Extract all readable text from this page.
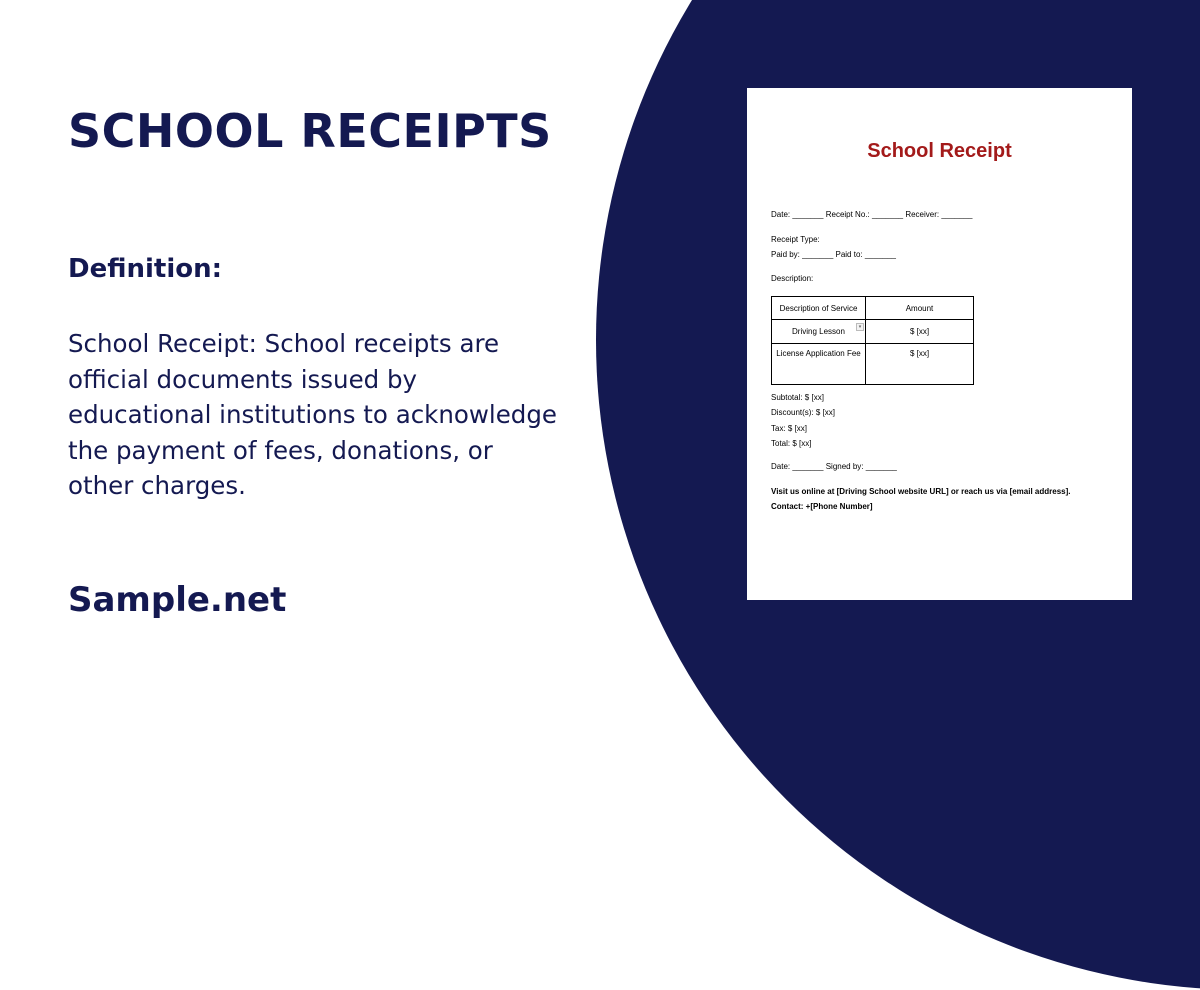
SCHOOL RECEIPTS
Definition:
School Receipt: School receipts are official documents issued by educational institutions to acknowledge the payment of fees, donations, or other charges.
Sample.net
School Receipt
Date: _______ Receipt No.: _______ Receiver: _______
Receipt Type:
Paid by: _______ Paid to: _______
Description:
Description of Service	Amount
Driving Lesson ▾	$ [xx]
License Application Fee	$ [xx]
Subtotal: $ [xx]
Discount(s): $ [xx]
Tax: $ [xx]
Total: $ [xx]
Date: _______ Signed by: _______
Visit us online at [Driving School website URL] or reach us via [email address].
Contact: +[Phone Number]
